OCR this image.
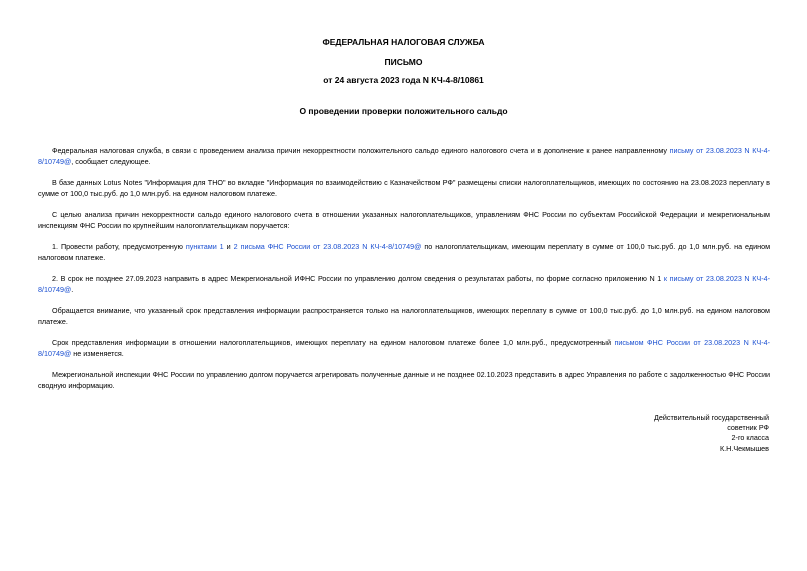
ФЕДЕРАЛЬНАЯ НАЛОГОВАЯ СЛУЖБА
ПИСЬМО
от 24 августа 2023 года N КЧ-4-8/10861
О проведении проверки положительного сальдо

Федеральная налоговая служба, в связи с проведением анализа причин некорректности положительного сальдо единого налогового счета и в дополнение к ранее направленному письму от 23.08.2023 N КЧ-4-8/10749@, сообщает следующее.

В базе данных Lotus Notes "Информация для ТНО" во вкладке "Информация по взаимодействию с Казначейством РФ" размещены списки налогоплательщиков, имеющих по состоянию на 23.08.2023 переплату в сумме от 100,0 тыс.руб. до 1,0 млн.руб. на едином налоговом платеже.

С целью анализа причин некорректности сальдо единого налогового счета в отношении указанных налогоплательщиков, управлениям ФНС России по субъектам Российской Федерации и межрегиональным инспекциям ФНС России по крупнейшим налогоплательщикам поручается:

1. Провести работу, предусмотренную пунктами 1 и 2 письма ФНС России от 23.08.2023 N КЧ-4-8/10749@ по налогоплательщикам, имеющим переплату в сумме от 100,0 тыс.руб. до 1,0 млн.руб. на едином налоговом платеже.

2. В срок не позднее 27.09.2023 направить в адрес Межрегиональной ИФНС России по управлению долгом сведения о результатах работы, по форме согласно приложению N 1 к письму от 23.08.2023 N КЧ-4-8/10749@.

Обращается внимание, что указанный срок представления информации распространяется только на налогоплательщиков, имеющих переплату в сумме от 100,0 тыс.руб. до 1,0 млн.руб. на едином налоговом платеже.

Срок представления информации в отношении налогоплательщиков, имеющих переплату на едином налоговом платеже более 1,0 млн.руб., предусмотренный письмом ФНС России от 23.08.2023 N КЧ-4-8/10749@ не изменяется.

Межрегиональной инспекции ФНС России по управлению долгом поручается агрегировать полученные данные и не позднее 02.10.2023 представить в адрес Управления по работе с задолженностью ФНС России сводную информацию.

Действительный государственный
советник РФ
2-го класса
К.Н.Чекмышев
